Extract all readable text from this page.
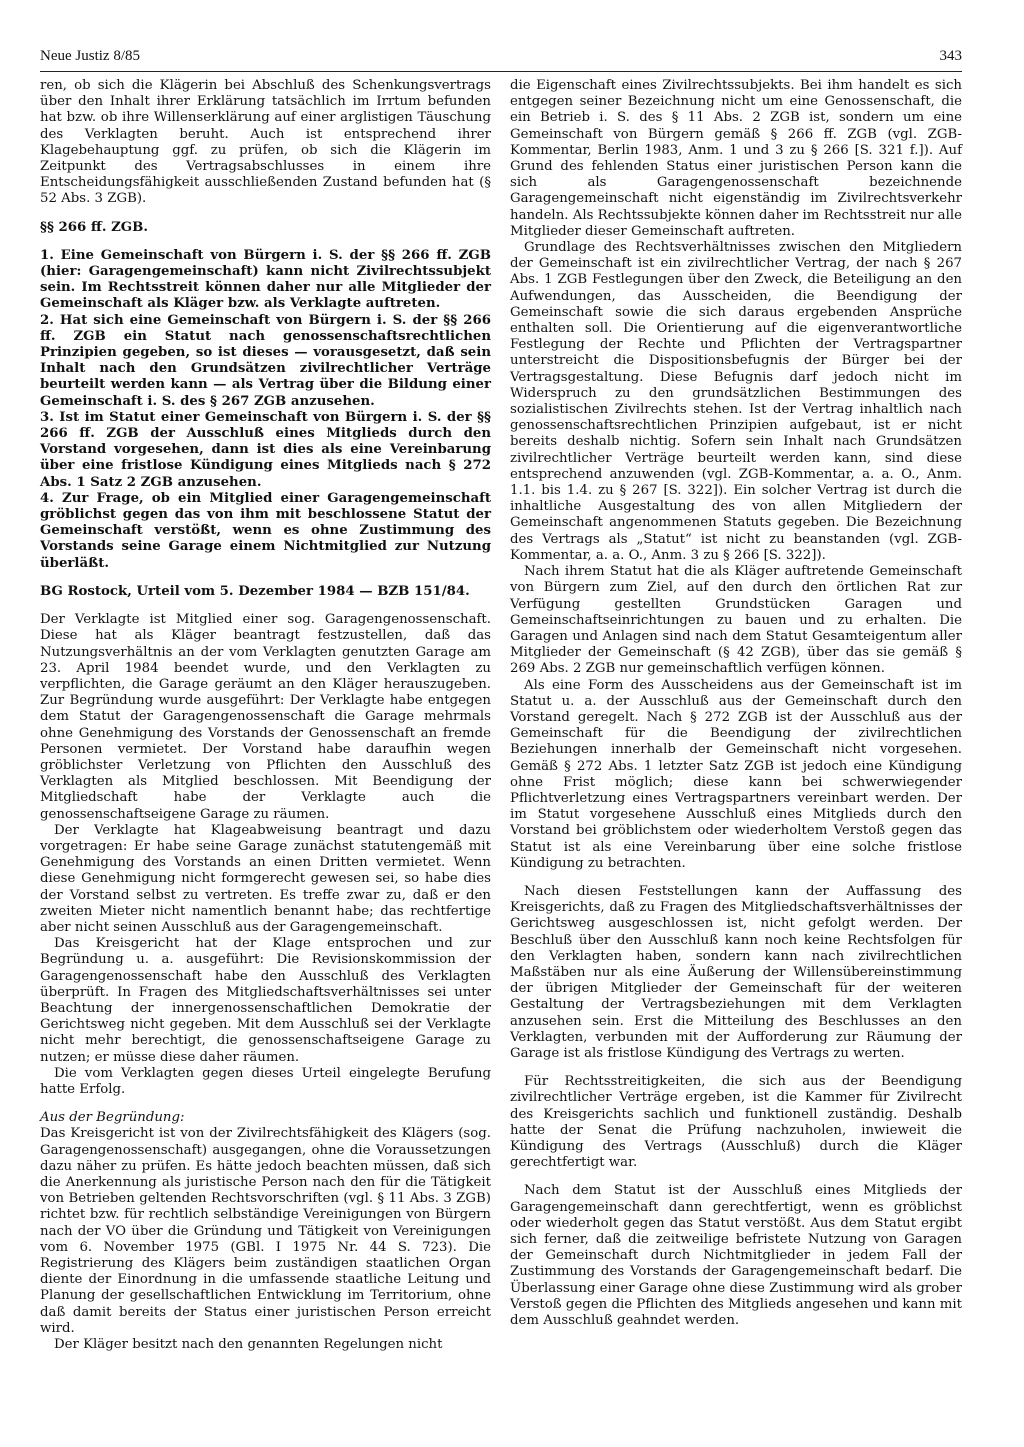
Neue Justiz 8/85	343

ren, ob sich die Klägerin bei Abschluß des Schenkungsvertrags über den Inhalt ihrer Erklärung tatsächlich im Irrtum befunden hat bzw. ob ihre Willenserklärung auf einer arglistigen Täuschung des Verklagten beruht. Auch ist entsprechend ihrer Klagebehauptung ggf. zu prüfen, ob sich die Klägerin im Zeitpunkt des Vertragsabschlusses in einem ihre Entscheidungsfähigkeit ausschließenden Zustand befunden hat (§ 52 Abs. 3 ZGB).

§§ 266 ff. ZGB.

1. Eine Gemeinschaft von Bürgern i. S. der §§ 266 ff. ZGB (hier: Garagengemeinschaft) kann nicht Zivilrechtssubjekt sein. Im Rechtsstreit können daher nur alle Mitglieder der Gemeinschaft als Kläger bzw. als Verklagte auftreten.

2. Hat sich eine Gemeinschaft von Bürgern i. S. der §§ 266 ff. ZGB ein Statut nach genossenschaftsrechtlichen Prinzipien gegeben, so ist dieses — vorausgesetzt, daß sein Inhalt nach den Grundsätzen zivilrechtlicher Verträge beurteilt werden kann — als Vertrag über die Bildung einer Gemeinschaft i. S. des § 267 ZGB anzusehen.

3. Ist im Statut einer Gemeinschaft von Bürgern i. S. der §§ 266 ff. ZGB der Ausschluß eines Mitglieds durch den Vorstand vorgesehen, dann ist dies als eine Vereinbarung über eine fristlose Kündigung eines Mitglieds nach § 272 Abs. 1 Satz 2 ZGB anzusehen.

4. Zur Frage, ob ein Mitglied einer Garagengemeinschaft gröblichst gegen das von ihm mit beschlossene Statut der Gemeinschaft verstößt, wenn es ohne Zustimmung des Vorstands seine Garage einem Nichtmitglied zur Nutzung überläßt.

BG Rostock, Urteil vom 5. Dezember 1984 — BZB 151/84.

Der Verklagte ist Mitglied einer sog. Garagengenossenschaft. Diese hat als Kläger beantragt festzustellen, daß das Nutzungsverhältnis an der vom Verklagten genutzten Garage am 23. April 1984 beendet wurde, und den Verklagten zu verpflichten, die Garage geräumt an den Kläger herauszugeben. Zur Begründung wurde ausgeführt: Der Verklagte habe entgegen dem Statut der Garagengenossenschaft die Garage mehrmals ohne Genehmigung des Vorstands der Genossenschaft an fremde Personen vermietet. Der Vorstand habe daraufhin wegen gröblichster Verletzung von Pflichten den Ausschluß des Verklagten als Mitglied beschlossen. Mit Beendigung der Mitgliedschaft habe der Verklagte auch die genossenschaftseigene Garage zu räumen.

Der Verklagte hat Klageabweisung beantragt und dazu vorgetragen: Er habe seine Garage zunächst statutengemäß mit Genehmigung des Vorstands an einen Dritten vermietet. Wenn diese Genehmigung nicht formgerecht gewesen sei, so habe dies der Vorstand selbst zu vertreten. Es treffe zwar zu, daß er den zweiten Mieter nicht namentlich benannt habe; das rechtfertige aber nicht seinen Ausschluß aus der Garagengemeinschaft.

Das Kreisgericht hat der Klage entsprochen und zur Begründung u. a. ausgeführt: Die Revisionskommission der Garagengenossenschaft habe den Ausschluß des Verklagten überprüft. In Fragen des Mitgliedschaftsverhältnisses sei unter Beachtung der innergenossenschaftlichen Demokratie der Gerichtsweg nicht gegeben. Mit dem Ausschluß sei der Verklagte nicht mehr berechtigt, die genossenschaftseigene Garage zu nutzen; er müsse diese daher räumen.

Die vom Verklagten gegen dieses Urteil eingelegte Berufung hatte Erfolg.

Aus der Begründung:

Das Kreisgericht ist von der Zivilrechtsfähigkeit des Klägers (sog. Garagengenossenschaft) ausgegangen, ohne die Voraussetzungen dazu näher zu prüfen. Es hätte jedoch beachten müssen, daß sich die Anerkennung als juristische Person nach den für die Tätigkeit von Betrieben geltenden Rechtsvorschriften (vgl. § 11 Abs. 3 ZGB) richtet bzw. für rechtlich selbständige Vereinigungen von Bürgern nach der VO über die Gründung und Tätigkeit von Vereinigungen vom 6. November 1975 (GBl. I 1975 Nr. 44 S. 723). Die Registrierung des Klägers beim zuständigen staatlichen Organ diente der Einordnung in die umfassende staatliche Leitung und Planung der gesellschaftlichen Entwicklung im Territorium, ohne daß damit bereits der Status einer juristischen Person erreicht wird.

Der Kläger besitzt nach den genannten Regelungen nicht

die Eigenschaft eines Zivilrechtssubjekts. Bei ihm handelt es sich entgegen seiner Bezeichnung nicht um eine Genossenschaft, die ein Betrieb i. S. des § 11 Abs. 2 ZGB ist, sondern um eine Gemeinschaft von Bürgern gemäß § 266 ff. ZGB (vgl. ZGB-Kommentar, Berlin 1983, Anm. 1 und 3 zu § 266 [S. 321 f.]). Auf Grund des fehlenden Status einer juristischen Person kann die sich als Garagengenossenschaft bezeichnende Garagengemeinschaft nicht eigenständig im Zivilrechtsverkehr handeln. Als Rechtssubjekte können daher im Rechtsstreit nur alle Mitglieder dieser Gemeinschaft auftreten.

Grundlage des Rechtsverhältnisses zwischen den Mitgliedern der Gemeinschaft ist ein zivilrechtlicher Vertrag, der nach § 267 Abs. 1 ZGB Festlegungen über den Zweck, die Beteiligung an den Aufwendungen, das Ausscheiden, die Beendigung der Gemeinschaft sowie die sich daraus ergebenden Ansprüche enthalten soll. Die Orientierung auf die eigenverantwortliche Festlegung der Rechte und Pflichten der Vertragspartner unterstreicht die Dispositionsbefugnis der Bürger bei der Vertragsgestaltung. Diese Befugnis darf jedoch nicht im Widerspruch zu den grundsätzlichen Bestimmungen des sozialistischen Zivilrechts stehen. Ist der Vertrag inhaltlich nach genossenschaftsrechtlichen Prinzipien aufgebaut, ist er nicht bereits deshalb nichtig. Sofern sein Inhalt nach Grundsätzen zivilrechtlicher Verträge beurteilt werden kann, sind diese entsprechend anzuwenden (vgl. ZGB-Kommentar, a. a. O., Anm. 1.1. bis 1.4. zu § 267 [S. 322]). Ein solcher Vertrag ist durch die inhaltliche Ausgestaltung des von allen Mitgliedern der Gemeinschaft angenommenen Statuts gegeben. Die Bezeichnung des Vertrags als „Statut“ ist nicht zu beanstanden (vgl. ZGB-Kommentar, a. a. O., Anm. 3 zu § 266 [S. 322]).

Nach ihrem Statut hat die als Kläger auftretende Gemeinschaft von Bürgern zum Ziel, auf den durch den örtlichen Rat zur Verfügung gestellten Grundstücken Garagen und Gemeinschaftseinrichtungen zu bauen und zu erhalten. Die Garagen und Anlagen sind nach dem Statut Gesamteigentum aller Mitglieder der Gemeinschaft (§ 42 ZGB), über das sie gemäß § 269 Abs. 2 ZGB nur gemeinschaftlich verfügen können.

Als eine Form des Ausscheidens aus der Gemeinschaft ist im Statut u. a. der Ausschluß aus der Gemeinschaft durch den Vorstand geregelt. Nach § 272 ZGB ist der Ausschluß aus der Gemeinschaft für die Beendigung der zivilrechtlichen Beziehungen innerhalb der Gemeinschaft nicht vorgesehen. Gemäß § 272 Abs. 1 letzter Satz ZGB ist jedoch eine Kündigung ohne Frist möglich; diese kann bei schwerwiegender Pflichtverletzung eines Vertragspartners vereinbart werden. Der im Statut vorgesehene Ausschluß eines Mitglieds durch den Vorstand bei gröblichstem oder wiederholtem Verstoß gegen das Statut ist als eine Vereinbarung über eine solche fristlose Kündigung zu betrachten.

Nach diesen Feststellungen kann der Auffassung des Kreisgerichts, daß zu Fragen des Mitgliedschaftsverhältnisses der Gerichtsweg ausgeschlossen ist, nicht gefolgt werden. Der Beschluß über den Ausschluß kann noch keine Rechtsfolgen für den Verklagten haben, sondern kann nach zivilrechtlichen Maßstäben nur als eine Äußerung der Willensübereinstimmung der übrigen Mitglieder der Gemeinschaft für der weiteren Gestaltung der Vertragsbeziehungen mit dem Verklagten anzusehen sein. Erst die Mitteilung des Beschlusses an den Verklagten, verbunden mit der Aufforderung zur Räumung der Garage ist als fristlose Kündigung des Vertrags zu werten.

Für Rechtsstreitigkeiten, die sich aus der Beendigung zivilrechtlicher Verträge ergeben, ist die Kammer für Zivilrecht des Kreisgerichts sachlich und funktionell zuständig. Deshalb hatte der Senat die Prüfung nachzuholen, inwieweit die Kündigung des Vertrags (Ausschluß) durch die Kläger gerechtfertigt war.

Nach dem Statut ist der Ausschluß eines Mitglieds der Garagengemeinschaft dann gerechtfertigt, wenn es gröblichst oder wiederholt gegen das Statut verstößt. Aus dem Statut ergibt sich ferner, daß die zeitweilige befristete Nutzung von Garagen der Gemeinschaft durch Nichtmitglieder in jedem Fall der Zustimmung des Vorstands der Garagengemeinschaft bedarf. Die Überlassung einer Garage ohne diese Zustimmung wird als grober Verstoß gegen die Pflichten des Mitglieds angesehen und kann mit dem Ausschluß geahndet werden.
